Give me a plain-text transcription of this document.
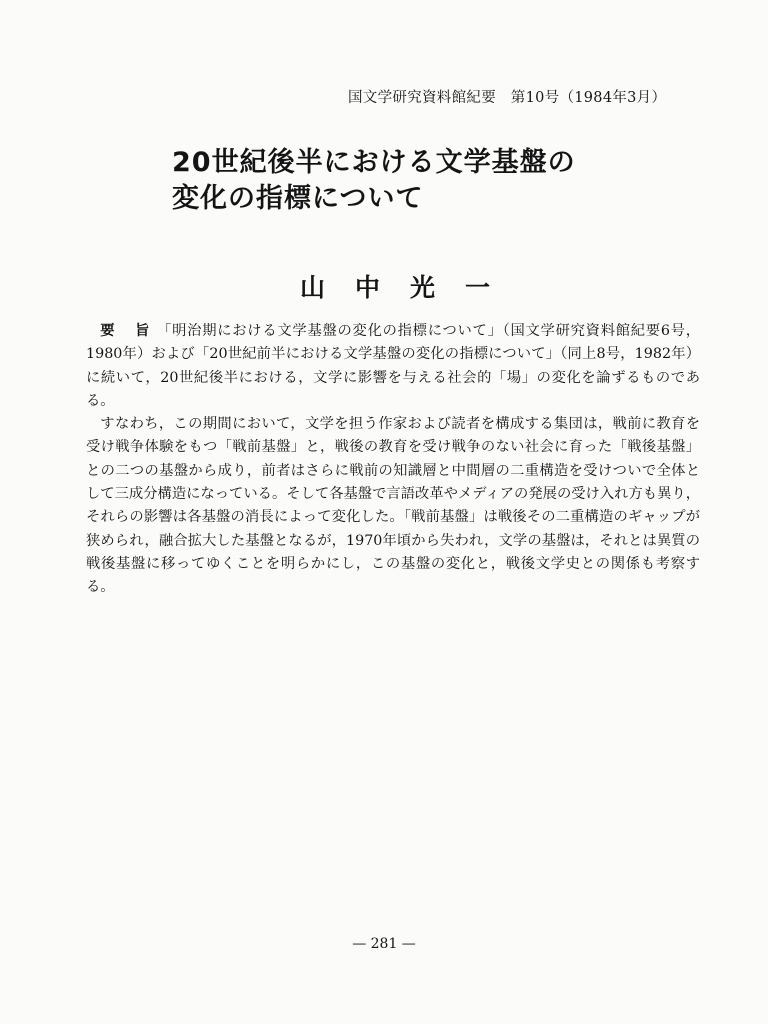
国文学研究資料館紀要　第10号（1984年3月）
20世紀後半における文学基盤の
変化の指標について
山中光一

要 旨「明治期における文学基盤の変化の指標について」（国文学研究資料館紀要6号，1980年）および「20世紀前半における文学基盤の変化の指標について」（同上8号，1982年）に続いて，20世紀後半における，文学に影響を与える社会的「場」の変化を論ずるものである。

すなわち，この期間において，文学を担う作家および読者を構成する集団は，戦前に教育を受け戦争体験をもつ「戦前基盤」と，戦後の教育を受け戦争のない社会に育った「戦後基盤」との二つの基盤から成り，前者はさらに戦前の知識層と中間層の二重構造を受けついで全体として三成分構造になっている。そして各基盤で言語改革やメディアの発展の受け入れ方も異り，それらの影響は各基盤の消長によって変化した。「戦前基盤」は戦後その二重構造のギャップが狭められ，融合拡大した基盤となるが，1970年頃から失われ，文学の基盤は，それとは異質の戦後基盤に移ってゆくことを明らかにし，この基盤の変化と，戦後文学史との関係も考察する。

— 281 —
